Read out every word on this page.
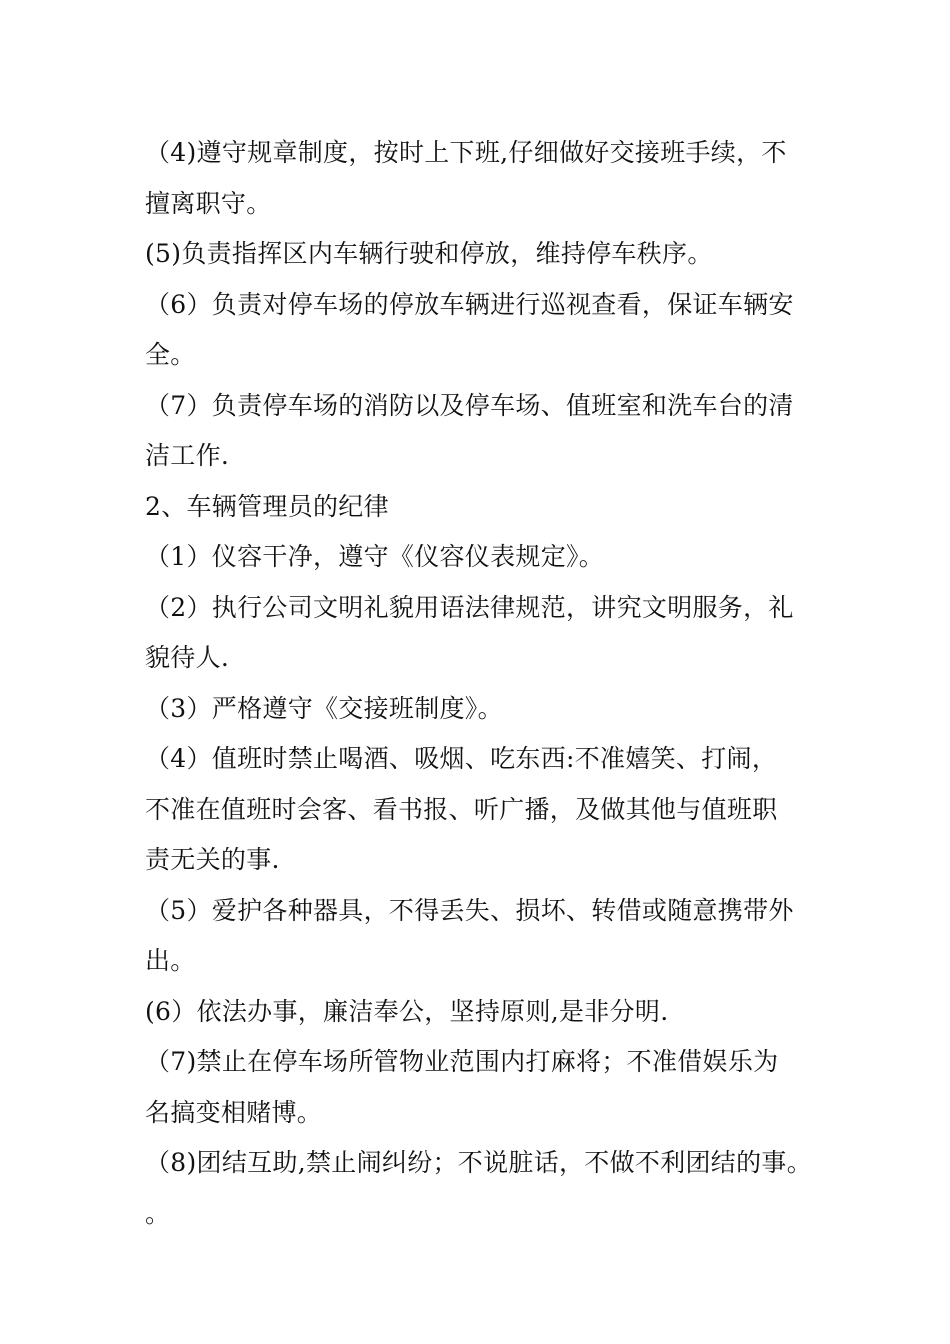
（4)遵守规章制度，按时上下班,仔细做好交接班手续，不
擅离职守。
(5)负责指挥区内车辆行驶和停放，维持停车秩序。
（6）负责对停车场的停放车辆进行巡视查看，保证车辆安
全。
（7）负责停车场的消防以及停车场、值班室和洗车台的清
洁工作.
2、车辆管理员的纪律
（1）仪容干净，遵守《仪容仪表规定》。
（2）执行公司文明礼貌用语法律规范，讲究文明服务，礼
貌待人.
（3）严格遵守《交接班制度》。
（4）值班时禁止喝酒、吸烟、吃东西:不准嬉笑、打闹，
不准在值班时会客、看书报、听广播，及做其他与值班职
责无关的事.
（5）爱护各种器具，不得丢失、损坏、转借或随意携带外
出。
(6）依法办事，廉洁奉公，坚持原则,是非分明.
（7)禁止在停车场所管物业范围内打麻将；不准借娱乐为
名搞变相赌博。
（8)团结互助,禁止闹纠纷；不说脏话，不做不利团结的事。
。
